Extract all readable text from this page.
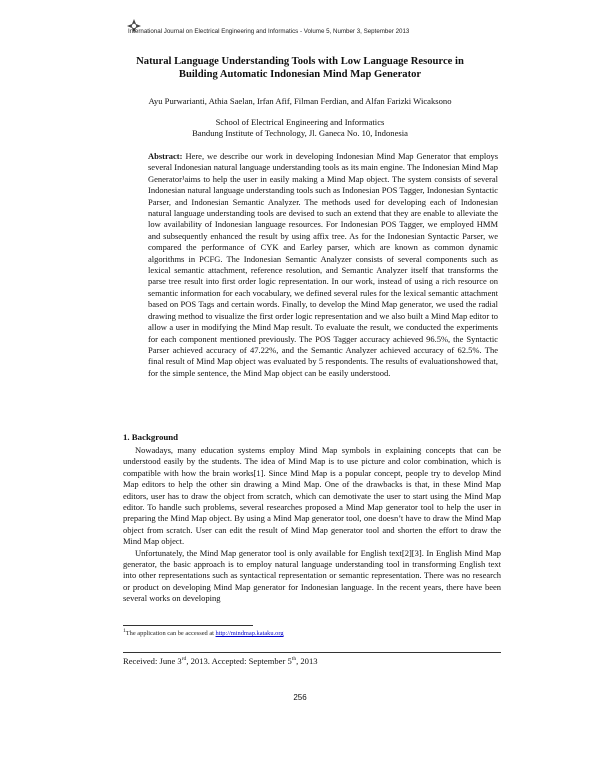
International Journal on Electrical Engineering and Informatics - Volume 5, Number 3, September 2013
Natural Language Understanding Tools with Low Language Resource in
Building Automatic Indonesian Mind Map Generator
Ayu Purwarianti, Athia Saelan, Irfan Afif, Filman Ferdian, and Alfan Farizki Wicaksono
School of Electrical Engineering and Informatics
Bandung Institute of Technology, Jl. Ganeca No. 10, Indonesia
Abstract: Here, we describe our work in developing Indonesian Mind Map Generator that employs several Indonesian natural language understanding tools as its main engine. The Indonesian Mind Map Generator¹aims to help the user in easily making a Mind Map object. The system consists of several Indonesian natural language understanding tools such as Indonesian POS Tagger, Indonesian Syntactic Parser, and Indonesian Semantic Analyzer. The methods used for developing each of Indonesian natural language understanding tools are devised to such an extend that they are enable to alleviate the low availability of Indonesian language resources. For Indonesian POS Tagger, we employed HMM and subsequently enhanced the result by using affix tree. As for the Indonesian Syntactic Parser, we compared the performance of CYK and Earley parser, which are known as common dynamic algorithms in PCFG. The Indonesian Semantic Analyzer consists of several components such as lexical semantic attachment, reference resolution, and Semantic Analyzer itself that transforms the parse tree result into first order logic representation. In our work, instead of using a rich resource on semantic information for each vocabulary, we defined several rules for the lexical semantic attachment based on POS Tags and certain words. Finally, to develop the Mind Map generator, we used the radial drawing method to visualize the first order logic representation and we also built a Mind Map editor to allow a user in modifying the Mind Map result. To evaluate the result, we conducted the experiments for each component mentioned previously. The POS Tagger accuracy achieved 96.5%, the Syntactic Parser achieved accuracy of 47.22%, and the Semantic Analyzer achieved accuracy of 62.5%. The final result of Mind Map object was evaluated by 5 respondents. The results of evaluationshowed that, for the simple sentence, the Mind Map object can be easily understood.
1. Background

Nowadays, many education systems employ Mind Map symbols in explaining concepts that can be understood easily by the students. The idea of Mind Map is to use picture and color combination, which is compatible with how the brain works[1]. Since Mind Map is a popular concept, people try to develop Mind Map editors to help the other sin drawing a Mind Map. One of the drawbacks is that, in these Mind Map editors, user has to draw the object from scratch, which can demotivate the user to start using the Mind Map editor. To handle such problems, several researches proposed a Mind Map generator tool to help the user in preparing the Mind Map object. By using a Mind Map generator tool, one doesn’t have to draw the Mind Map object from scratch. User can edit the result of Mind Map generator tool and shorten the effort to draw the Mind Map object.

Unfortunately, the Mind Map generator tool is only available for English text[2][3]. In English Mind Map generator, the basic approach is to employ natural language understanding tool in transforming English text into other representations such as syntactical representation or semantic representation. There was no research or product on developing Mind Map generator for Indonesian language. In the recent years, there have been several works on developing

$^1$The application can be accessed at http://mindmap.kataku.org
Received: June 3rd, 2013. Accepted: September 5th, 2013
256
